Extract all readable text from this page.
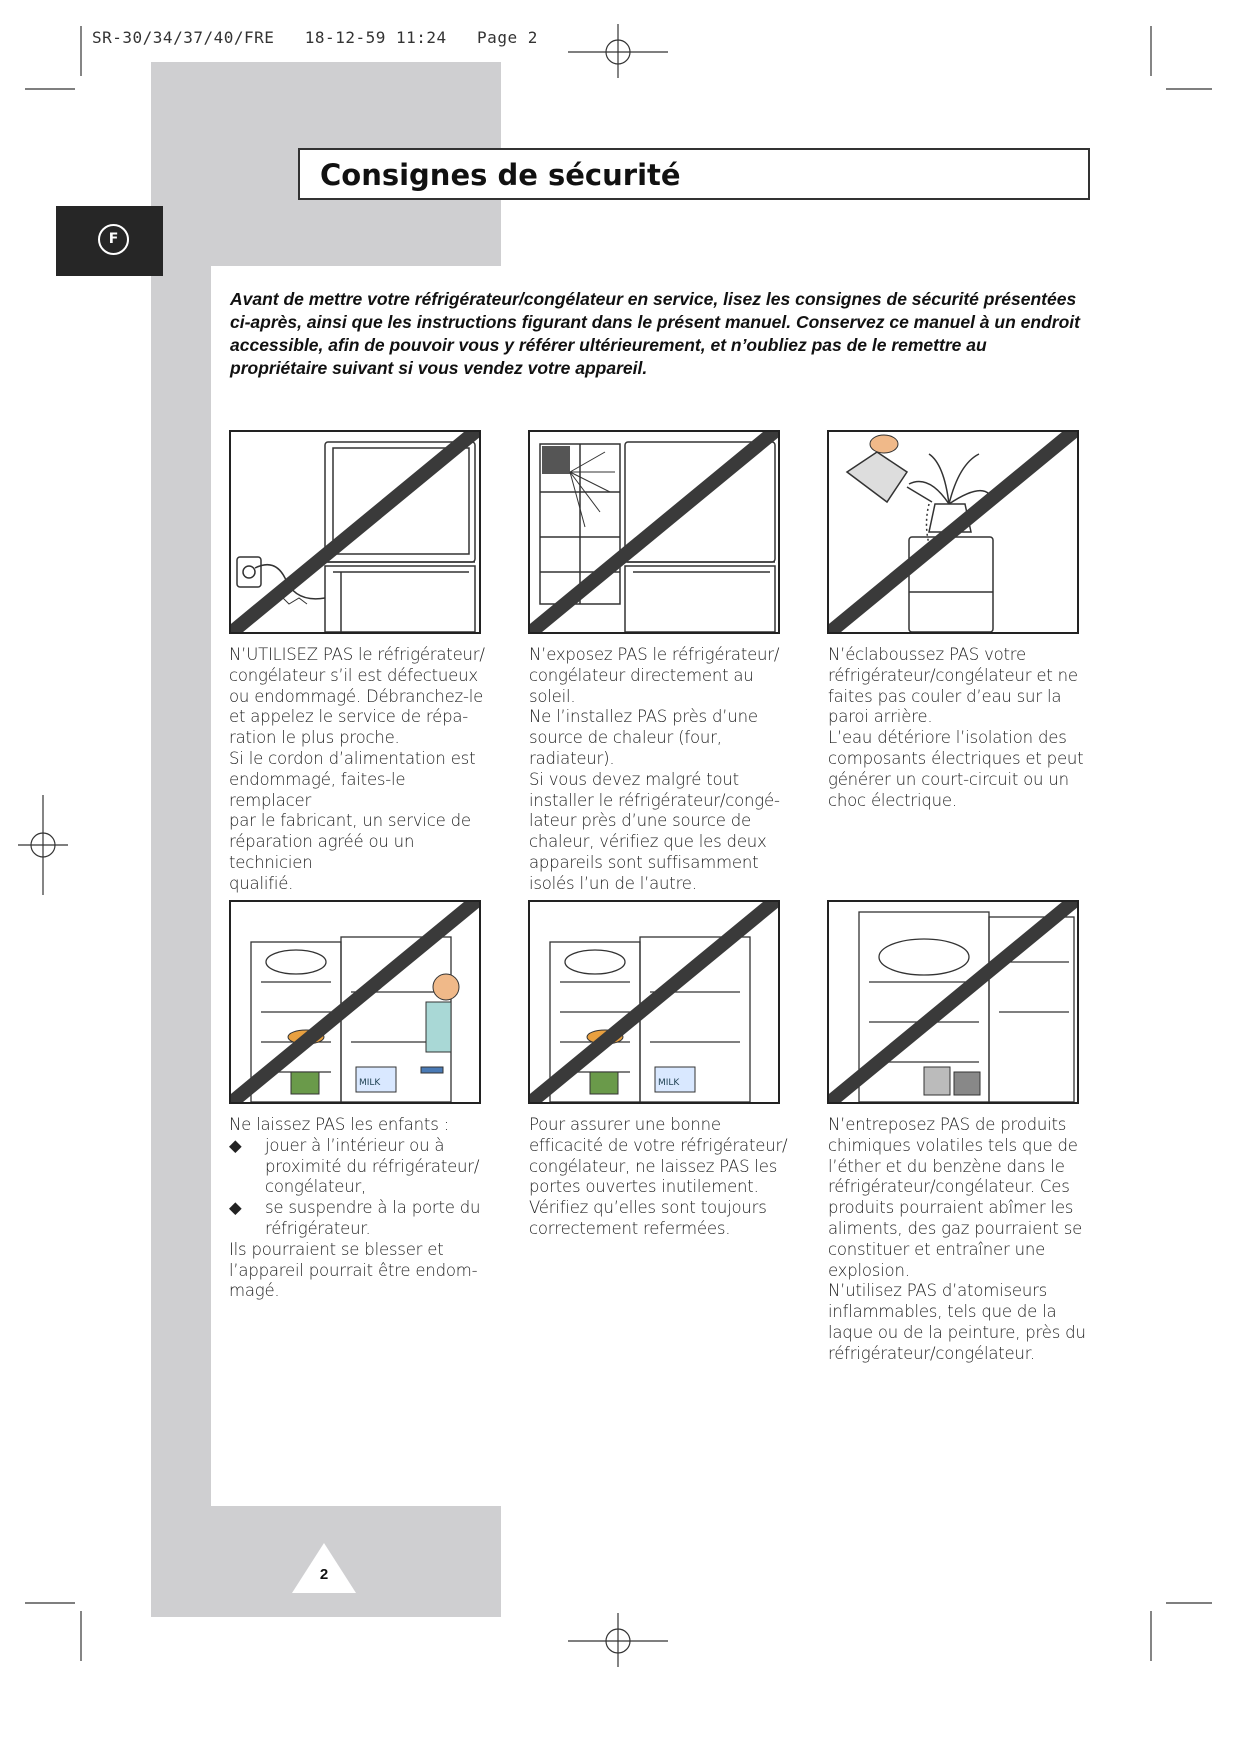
SR-30/34/37/40/FRE   18-12-59 11:24   Page 2
F
Consignes de sécurité
Avant de mettre votre réfrigérateur/congélateur en service, lisez les consignes de sécurité présentées ci-après, ainsi que les instructions figurant dans le présent manuel. Conservez ce manuel à un endroit accessible, afin de pouvoir vous y référer ultérieurement, et n’oubliez pas de le remettre au propriétaire suivant si vous vendez votre appareil.

N’UTILISEZ PAS le réfrigérateur/

congélateur s’il est défectueux

ou endommagé. Débranchez-le

et appelez le service de répa-

ration le plus proche.

Si le cordon d’alimentation est

endommagé, faites-le remplacer

par le fabricant, un service de

réparation agréé ou un technicien

qualifié.

N’exposez PAS le réfrigérateur/

congélateur directement au soleil.

Ne l’installez PAS près d’une

source de chaleur (four, radiateur).

Si vous devez malgré tout

installer le réfrigérateur/congé-

lateur près d’une source de

chaleur, vérifiez que les deux

appareils sont suffisamment

isolés l’un de l’autre.

N’éclaboussez PAS votre

réfrigérateur/congélateur et ne

faites pas couler d’eau sur la

paroi arrière.

L’eau détériore l’isolation des

composants électriques et peut

générer un court-circuit ou un

choc électrique.

MILK	MILK

Ne laissez PAS les enfants :

◆ jouer à l’intérieur ou à

proximité du réfrigérateur/

congélateur,

◆ se suspendre à la porte du

réfrigérateur.

Ils pourraient se blesser et

l’appareil pourrait être endom-

magé.

Pour assurer une bonne

efficacité de votre réfrigérateur/

congélateur, ne laissez PAS les

portes ouvertes inutilement.

Vérifiez qu’elles sont toujours

correctement refermées.

N’entreposez PAS de produits

chimiques volatiles tels que de

l’éther et du benzène dans le

réfrigérateur/congélateur. Ces

produits pourraient abîmer les

aliments, des gaz pourraient se

constituer et entraîner une

explosion.

N’utilisez PAS d’atomiseurs

inflammables, tels que de la

laque ou de la peinture, près du

réfrigérateur/congélateur.

2
